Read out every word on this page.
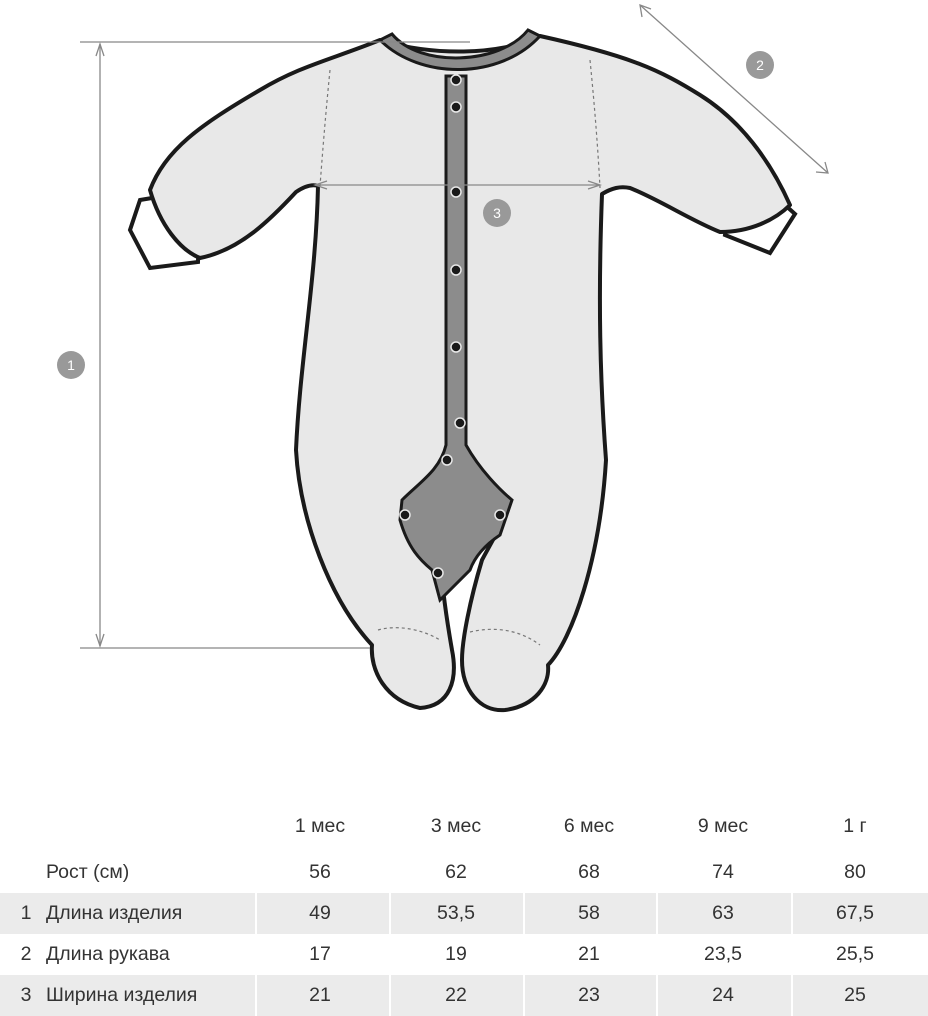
1
2
3
1 мес	3 мес	6 мес	9 мес	1 г
Рост (см)	56	62	68	74	80
1 Длина изделия	49	53,5	58	63	67,5
2 Длина рукава	17	19	21	23,5	25,5
3 Ширина изделия	21	22	23	24	25
